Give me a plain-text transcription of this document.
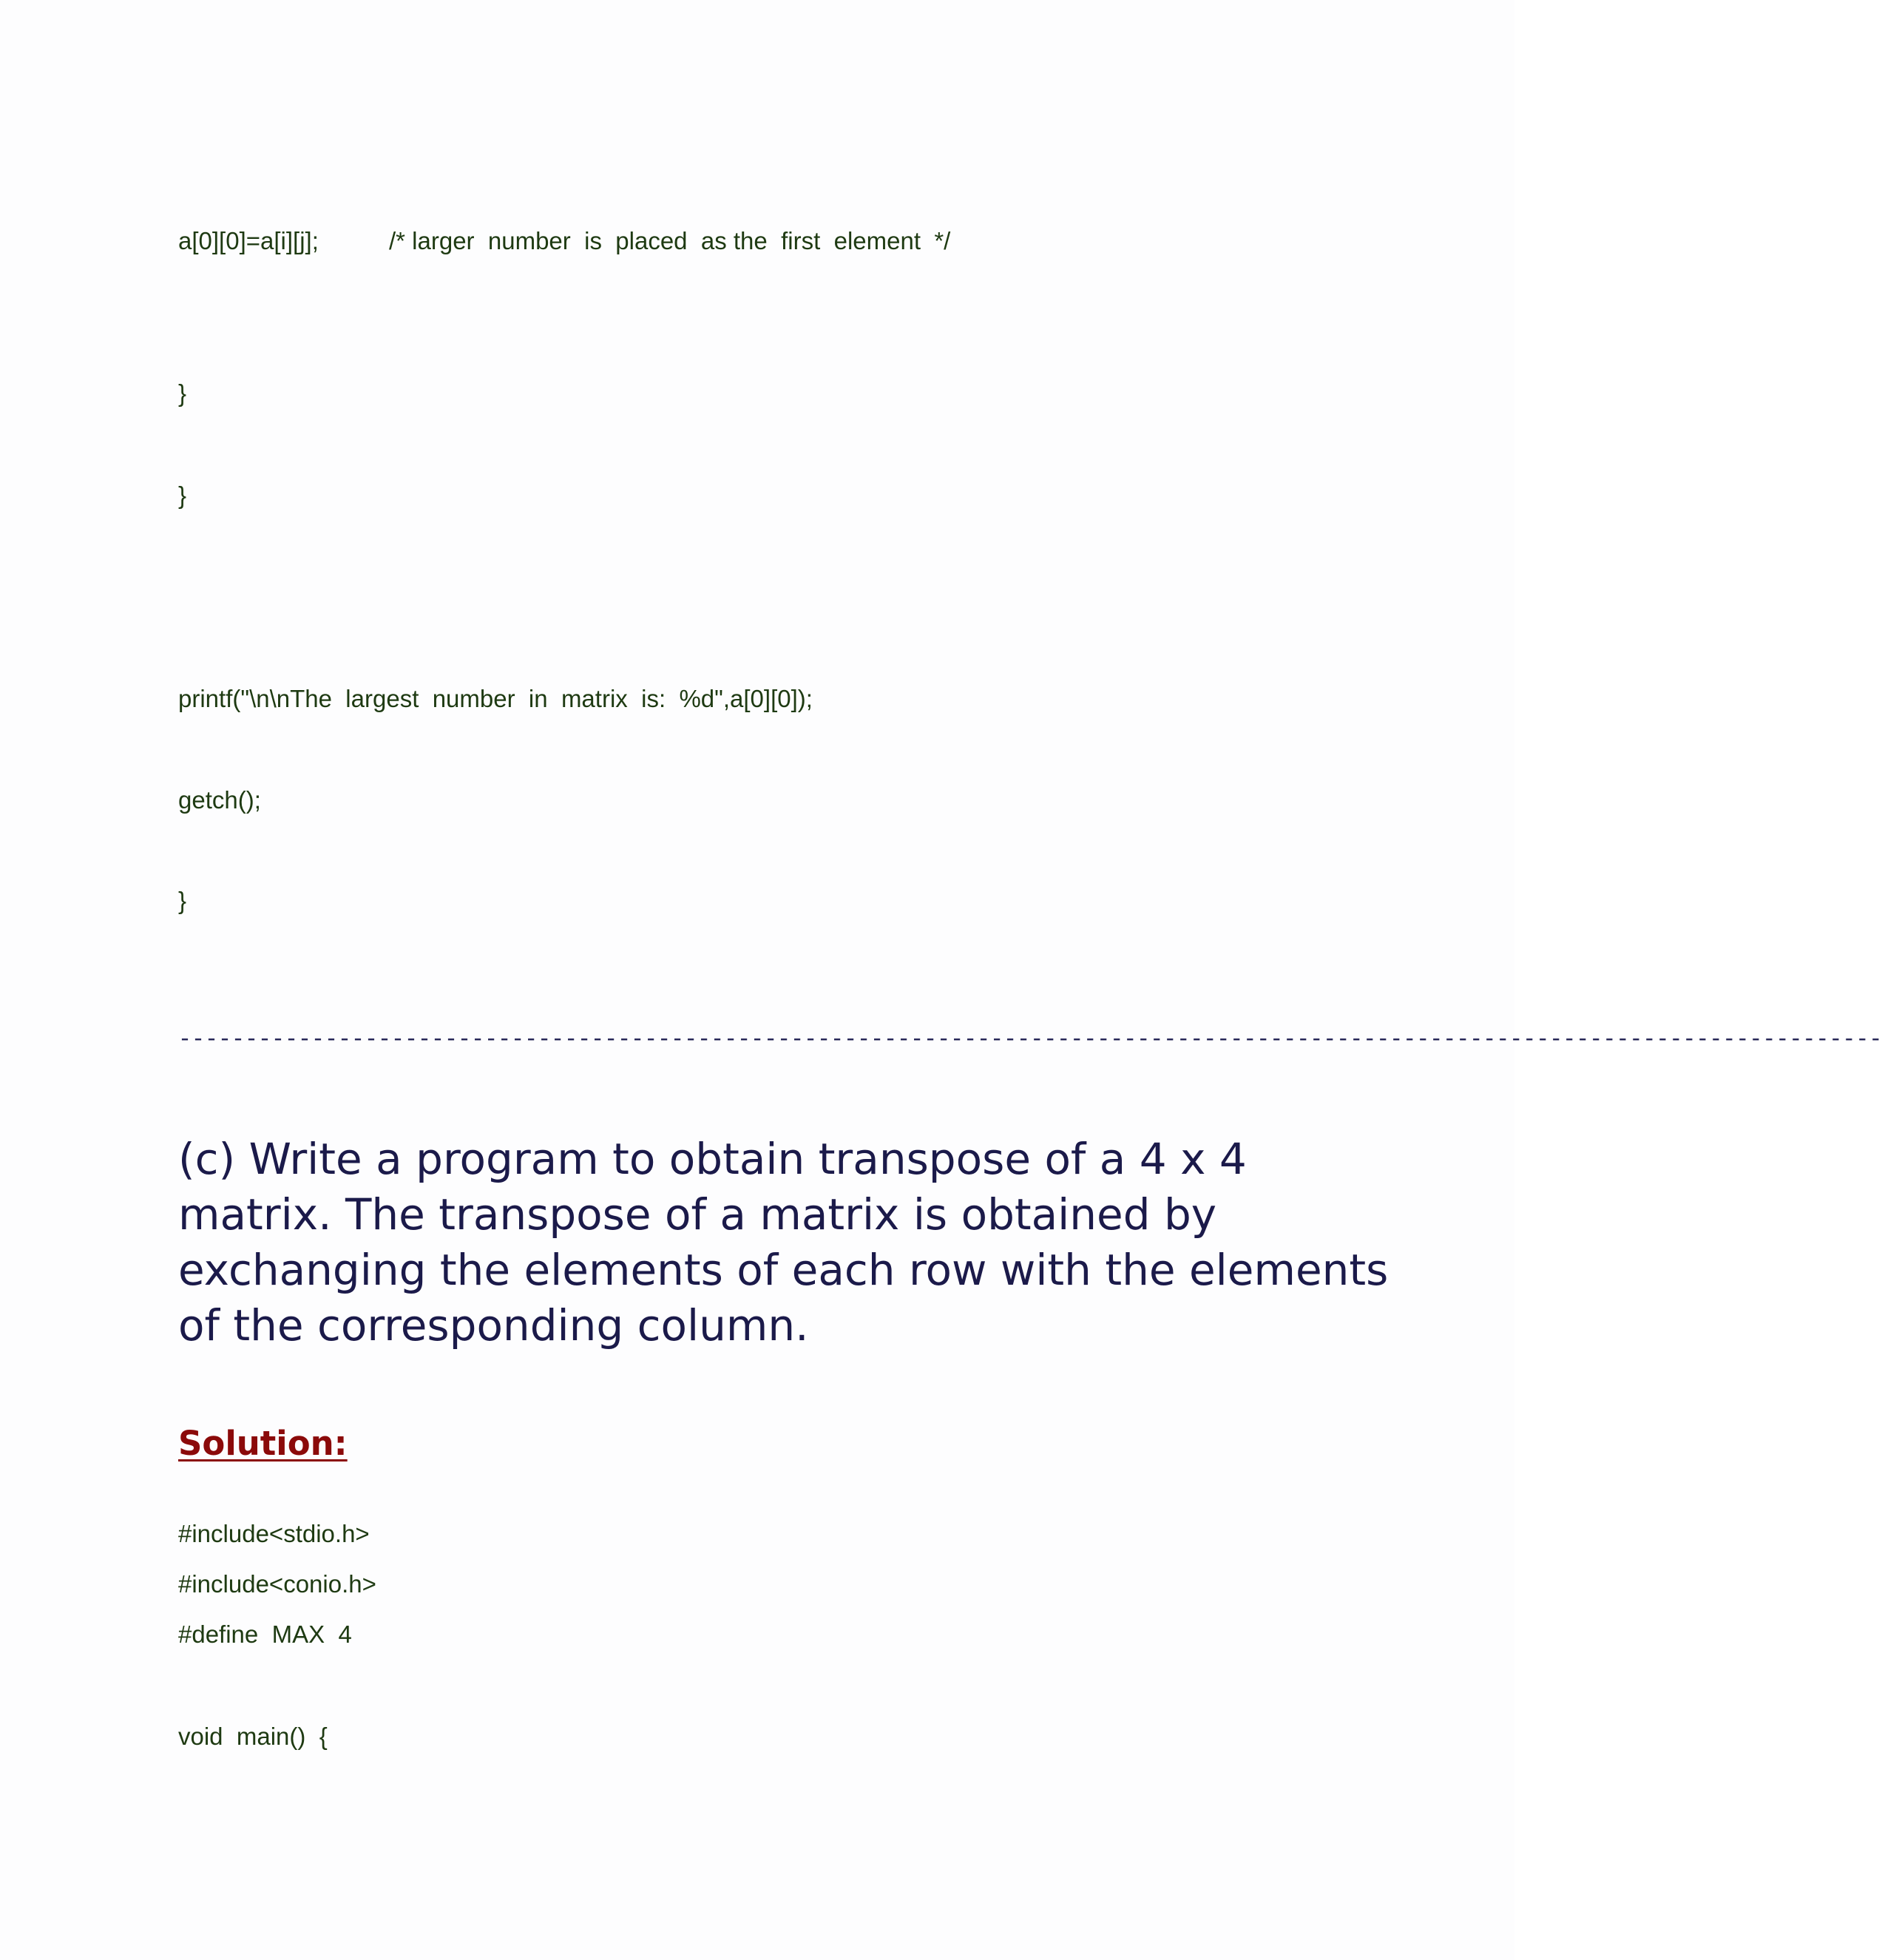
a[0][0]=a[i][j];	/* larger  number  is  placed  as the  first  element  */
}
}
printf("\n\nThe  largest  number  in  matrix  is:  %d",a[0][0]);
getch();
}
--------------------------------------------------------------------------------------------------------------------------------

(c) Write a program to obtain transpose of a 4 x 4 matrix. The transpose of a matrix is obtained by exchanging the elements of each row with the elements of the corresponding column.

Solution:

#include<stdio.h>
#include<conio.h>
#define  MAX  4
void  main()  {
